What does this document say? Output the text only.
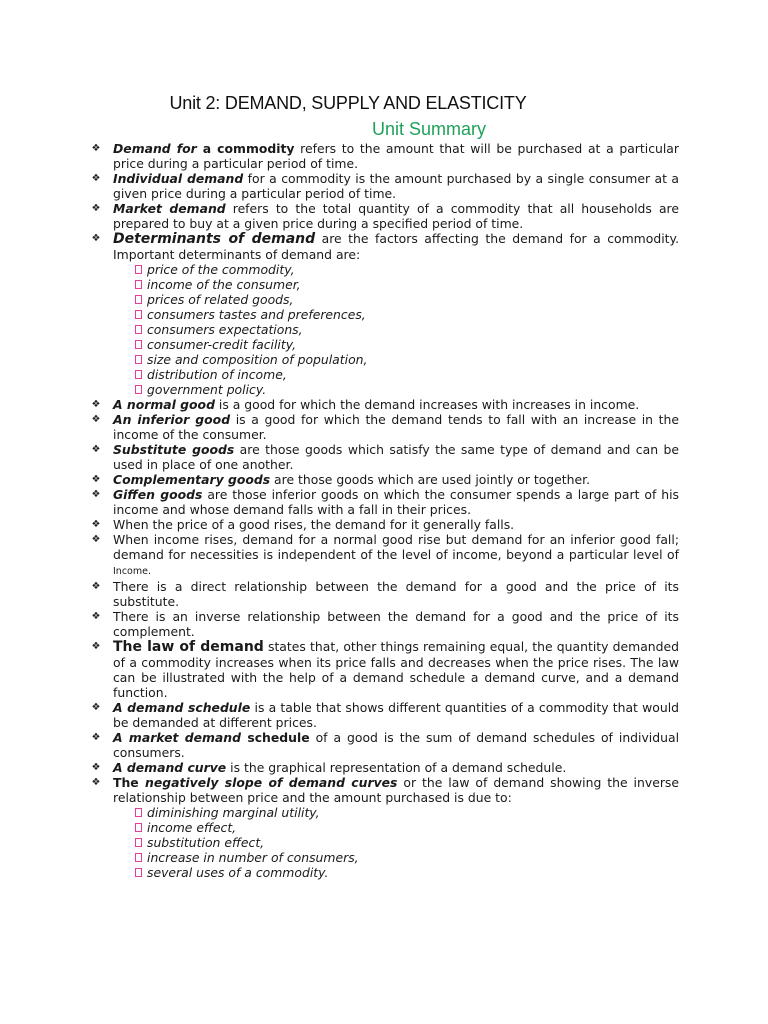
Unit 2: DEMAND, SUPPLY AND ELASTICITY
Unit Summary
❖ Demand for a commodity refers to the amount that will be purchased at a particular price during a particular period of time.
❖ Individual demand for a commodity is the amount purchased by a single consumer at a given price during a particular period of time.
❖ Market demand refers to the total quantity of a commodity that all households are prepared to buy at a given price during a specified period of time.
❖ Determinants of demand are the factors affecting the demand for a commodity. Important determinants of demand are:
price of the commodity,
income of the consumer,
prices of related goods,
consumers tastes and preferences,
consumers expectations,
consumer-credit facility,
size and composition of population,
distribution of income,
government policy.
❖ A normal good is a good for which the demand increases with increases in income.
❖ An inferior good is a good for which the demand tends to fall with an increase in the income of the consumer.
❖ Substitute goods are those goods which satisfy the same type of demand and can be used in place of one another.
❖ Complementary goods are those goods which are used jointly or together.
❖ Giffen goods are those inferior goods on which the consumer spends a large part of his income and whose demand falls with a fall in their prices.
❖ When the price of a good rises, the demand for it generally falls.
❖ When income rises, demand for a normal good rise but demand for an inferior good fall; demand for necessities is independent of the level of income, beyond a particular level of Income.
❖ There is a direct relationship between the demand for a good and the price of its substitute.
❖ There is an inverse relationship between the demand for a good and the price of its complement.
❖ The law of demand states that, other things remaining equal, the quantity demanded of a commodity increases when its price falls and decreases when the price rises. The law can be illustrated with the help of a demand schedule a demand curve, and a demand function.
❖ A demand schedule is a table that shows different quantities of a commodity that would be demanded at different prices.
❖ A market demand schedule of a good is the sum of demand schedules of individual consumers.
❖ A demand curve is the graphical representation of a demand schedule.
❖ The negatively slope of demand curves or the law of demand showing the inverse relationship between price and the amount purchased is due to:
diminishing marginal utility,
income effect,
substitution effect,
increase in number of consumers,
several uses of a commodity.
